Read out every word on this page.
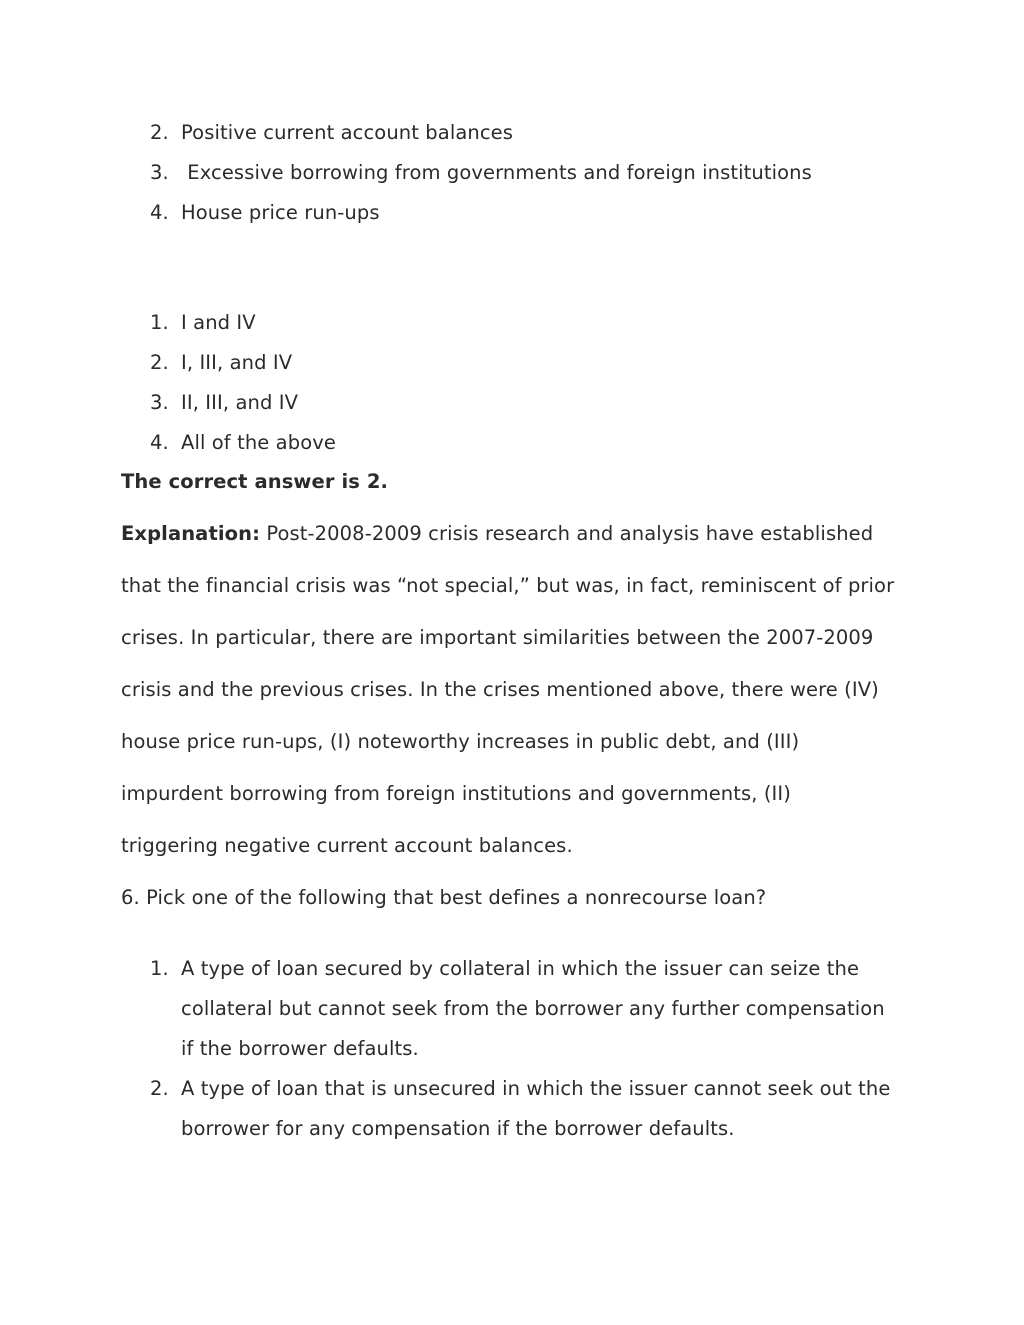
2. Positive current account balances
3. Excessive borrowing from governments and foreign institutions
4. House price run-ups
1. I and IV
2. I, III, and IV
3. II, III, and IV
4. All of the above
The correct answer is 2.
Explanation: Post-2008-2009 crisis research and analysis have established
that the financial crisis was “not special,” but was, in fact, reminiscent of prior
crises. In particular, there are important similarities between the 2007-2009
crisis and the previous crises. In the crises mentioned above, there were (IV)
house price run-ups, (I) noteworthy increases in public debt, and (III)
impurdent borrowing from foreign institutions and governments, (II)
triggering negative current account balances.
6. Pick one of the following that best defines a nonrecourse loan?
1. A type of loan secured by collateral in which the issuer can seize the
collateral but cannot seek from the borrower any further compensation
if the borrower defaults.
2. A type of loan that is unsecured in which the issuer cannot seek out the
borrower for any compensation if the borrower defaults.
